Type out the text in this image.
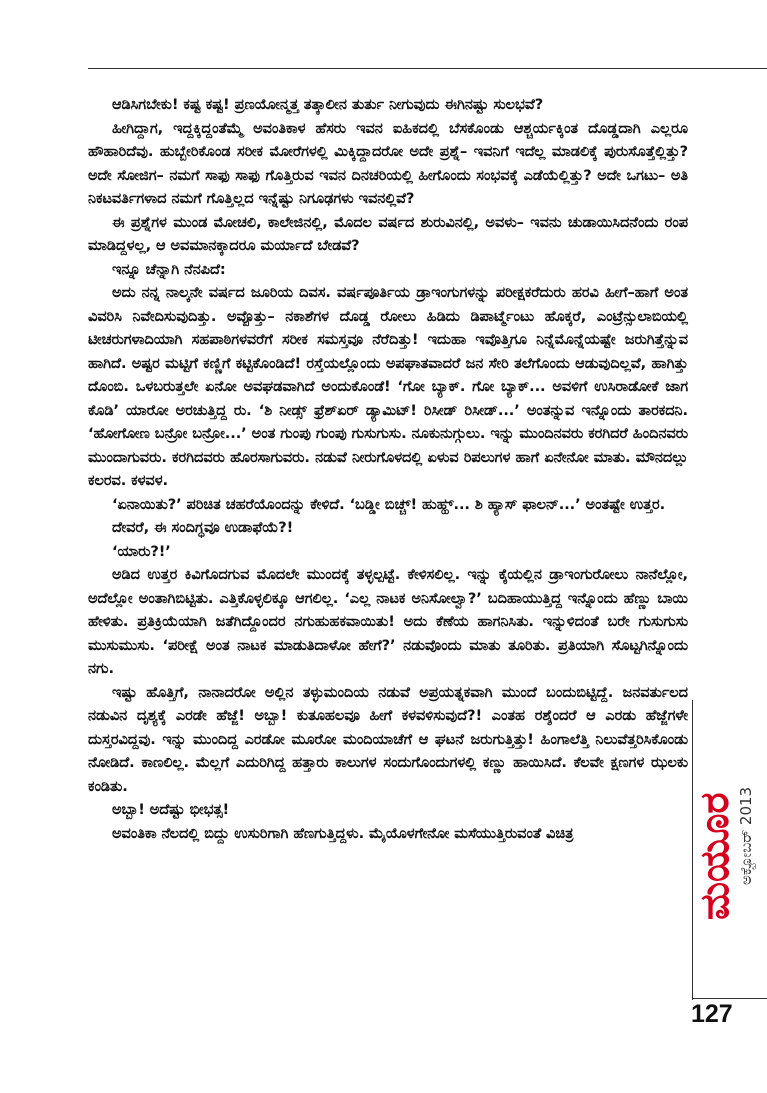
ಆಡಿಸಿಗಬೇಕು! ಕಷ್ಟ ಕಷ್ಟ! ಪ್ರಣಯೋನ್ಮತ್ತ ತತ್ಕಾಲೀನ ತುರ್ತು ನೀಗುವುದು ಈಗಿನಷ್ಟು ಸುಲಭವೆ?

ಹೀಗಿದ್ದಾಗ, ಇದ್ದಕ್ಕಿದ್ದಂತೆಮ್ಮೆ ಅವಂತಿಕಾಳ ಹೆಸರು ಇವನ ಐಹಿಕದಲ್ಲಿ ಬೆಸಕೊಂಡು ಆಶ್ಚರ್ಯಕ್ಕಿಂತ ದೊಡ್ಡದಾಗಿ ಎಲ್ಲರೂ ಹೌಹಾರಿದೆವು. ಹುಬ್ಬೇರಿಕೊಂಡ ಸರೀಕ ಮೋರೆಗಳಲ್ಲಿ ಮಿಕ್ಕಿದ್ದಾದರೋ ಅದೇ ಪ್ರಶ್ನೆ– ಇವನಿಗೆ ಇದೆಲ್ಲ ಮಾಡಲಿಕ್ಕೆ ಪುರುಸೊತ್ತೆಲ್ಲಿತ್ತು? ಅದೇ ಸೋಜಿಗ– ನಮಗೆ ಸಾಫು ಸಾಫು ಗೊತ್ತಿರುವ ಇವನ ದಿನಚರಿಯಲ್ಲಿ ಹೀಗೊಂದು ಸಂಭವಕ್ಕೆ ಎಡೆಯೆಲ್ಲಿತ್ತು? ಅದೇ ಒಗಟು– ಅತಿ ನಿಕಟವರ್ತಿಗಳಾದ ನಮಗೆ ಗೊತ್ತಿಲ್ಲದ ಇನ್ನೆಷ್ಟು ನಿಗೂಢಗಳು ಇವನಲ್ಲಿವೆ?

ಈ ಪ್ರಶ್ನೆಗಳ ಮುಂಡ ಮೋಚಲಿ, ಕಾಲೇಜಿನಲ್ಲಿ, ಮೊದಲ ವರ್ಷದ ಶುರುವಿನಲ್ಲಿ, ಅವಳು– ಇವನು ಚುಡಾಯಿಸಿದನೆಂದು ರಂಪ ಮಾಡಿದ್ದಳಲ್ಲ, ಆ ಅವಮಾನಕ್ಕಾದರೂ ಮರ್ಯಾದೆ ಬೇಡವೆ?

ಇನ್ನೂ ಚೆನ್ನಾಗಿ ನೆನಪಿದೆ:

ಅದು ನನ್ನ ನಾಲ್ಕನೇ ವರ್ಷದ ಜೂರಿಯ ದಿವಸ. ವರ್ಷಪೂರ್ತಿಯ ಡ್ರಾಇಂಗುಗಳನ್ನು ಪರೀಕ್ಷಕರೆದುರು ಹರವಿ ಹೀಗೆ–ಹಾಗೆ ಅಂತ ವಿವರಿಸಿ ನಿವೇದಿಸುವುದಿತ್ತು. ಅವ್ಪೊತ್ತು– ನಕಾಶೆಗಳ ದೊಡ್ಡ ರೋಲು ಹಿಡಿದು ಡಿಪಾರ್ಟ್ಮೆಂಟು ಹೊಕ್ಕರೆ, ಎಂಟ್ರೆನ್ಸುಲಾಬಿಯಲ್ಲಿ ಟೀಚರುಗಳಾದಿಯಾಗಿ ಸಹಪಾಠಿಗಳವರೆಗೆ ಸರೀಕ ಸಮಸ್ತವೂ ನೆರೆದಿತ್ತು! ಇದುಹಾ ಇವೊತ್ತಿಗೂ ನಿನ್ನೆಮೊನ್ನೆಯಷ್ಟೇ ಜರುಗಿತ್ತೆನ್ನುವ ಹಾಗಿದೆ. ಅಷ್ಟರ ಮಟ್ಟಿಗೆ ಕಣ್ಣಿಗೆ ಕಟ್ಟಿಕೊಂಡಿದೆ! ರಸ್ತೆಯಲ್ಲೊಂದು ಅಪಘಾತವಾದರೆ ಜನ ಸೇರಿ ತಲೆಗೊಂದು ಆಡುವುದಿಲ್ಲವೆ, ಹಾಗಿತ್ತು ದೊಂಬಿ. ಒಳಬರುತ್ತಲೇ ಏನೋ ಅವಘಡವಾಗಿದೆ ಅಂದುಕೊಂಡೆ! ‘ಗೋ ಬ್ಯಾಕ್. ಗೋ ಬ್ಯಾಕ್... ಅವಳಿಗೆ ಉಸಿರಾಡೋಕೆ ಜಾಗ ಕೊಡಿ’ ಯಾರೋ ಅರಚುತ್ತಿದ್ದ ರು. ‘ಶಿ ನೀಡ್ಸ್ ಫ್ರೆಶ್ಏರ್ ಡ್ಯಾಮಿಟ್! ರಿಸೀಡ್ ರಿಸೀಡ್...’ ಅಂತನ್ನುವ ಇನ್ನೊಂದು ತಾರಕದನಿ. ‘ಹೋಗೋಣ ಬನ್ರೋ ಬನ್ರೋ...’ ಅಂತ ಗುಂಪು ಗುಂಪು ಗುಸುಗುಸು. ನೂಕುನುಗ್ಗುಲು. ಇನ್ನು ಮುಂದಿನವರು ಕರಗಿದರೆ ಹಿಂದಿನವರು ಮುಂದಾಗುವರು. ಕರಗಿದವರು ಹೊರಸಾಗುವರು. ನಡುವೆ ನೀರುಗೊಳದಲ್ಲಿ ಏಳುವ ರಿಪಲುಗಳ ಹಾಗೆ ಏನೇನೋ ಮಾತು. ಮೌನದಲ್ಲು ಕಲರವ. ಕಳವಳ.

‘ಏನಾಯಿತು?’ ಪರಿಚಿತ ಚಹರೆಯೊಂದನ್ನು ಕೇಳಿದೆ. ‘ಬಡ್ಡೀ ಬಿಚ್ಚ್! ಹುಹ್ಹ್... ಶಿ ಹ್ಯಾಸ್ ಫಾಲನ್...’ ಅಂತಷ್ಟೇ ಉತ್ತರ.

ದೇವರೆ, ಈ ಸಂದಿಗ್ಧವೂ ಉಡಾಫೆಯೆ?!

‘ಯಾರು?!’

ಅಡಿದ ಉತ್ತರ ಕಿವಿಗೊದಗುವ ಮೊದಲೇ ಮುಂದಕ್ಕೆ ತಳ್ಳಲ್ಪಟ್ಟೆ. ಕೇಳಿಸಲಿಲ್ಲ. ಇನ್ನು ಕೈಯಲ್ಲಿನ ಡ್ರಾಇಂಗುರೋಲು ನಾನೆಲ್ಲೋ, ಅದೆಲ್ಲೋ ಅಂತಾಗಿಬಿಟ್ಟಿತು. ಎತ್ತಿಕೊಳ್ಳಲಿಕ್ಕೂ ಆಗಲಿಲ್ಲ. ‘ಎಲ್ಲ ನಾಟಕ ಅನಿಸೋಲ್ವಾ?’ ಬದಿಹಾಯುತ್ತಿದ್ದ ಇನ್ನೊಂದು ಹೆಣ್ಣು ಬಾಯಿ ಹೇಳಿತು. ಪ್ರತಿಕ್ರಿಯೆಯಾಗಿ ಜತೆಗಿದ್ದೊಂದರ ನಗುಹುಹಕವಾಯಿತು! ಅದು ಕೆಣೆಯ ಹಾಗನಿಸಿತು. ಇನ್ನುಳಿದಂತೆ ಬರೇ ಗುಸುಗುಸು ಮುಸುಮುಸು. ‘ಪರೀಕ್ಷೆ ಅಂತ ನಾಟಕ ಮಾಡುತಿದಾಳೋ ಹೇಗೆ?’ ನಡುವೊಂದು ಮಾತು ತೂರಿತು. ಪ್ರತಿಯಾಗಿ ಸೊಟ್ಟಗಿನ್ನೊಂದು ನಗು.

ಇಷ್ಟು ಹೊತ್ತಿಗೆ, ನಾನಾದರೋ ಅಲ್ಲಿನ ತಳ್ಳುಮಂದಿಯ ನಡುವೆ ಅಪ್ರಯತ್ನಕವಾಗಿ ಮುಂದೆ ಬಂದುಬಿಟ್ಟಿದ್ದೆ. ಜನವರ್ತುಲದ ನಡುವಿನ ದೃಶ್ಯಕ್ಕೆ ಎರಡೇ ಹೆಜ್ಜೆ! ಅಬ್ಬಾ! ಕುತೂಹಲವೂ ಹೀಗೆ ಕಳವಳಿಸುವುದೆ?! ಎಂತಹ ರಶ್ಶೆಂದರೆ ಆ ಎರಡು ಹೆಜ್ಜೆಗಳೇ ದುಸ್ತರವಿದ್ದವು. ಇನ್ನು ಮುಂದಿದ್ದ ಎರಡೋ ಮೂರೋ ಮಂದಿಯಾಚೆಗೆ ಆ ಘಟನೆ ಜರುಗುತ್ತಿತ್ತು! ಹಿಂಗಾಲೆತ್ತಿ ನಿಲುವೆತ್ತರಿಸಿಕೊಂಡು ನೋಡಿದೆ. ಕಾಣಲಿಲ್ಲ. ಮೆಲ್ಲಗೆ ಎದುರಿಗಿದ್ದ ಹತ್ತಾರು ಕಾಲುಗಳ ಸಂದುಗೊಂದುಗಳಲ್ಲಿ ಕಣ್ಣು ಹಾಯಿಸಿದೆ. ಕೆಲವೇ ಕ್ಷಣಗಳ ಝಲಕು ಕಂಡಿತು.

ಅಬ್ಬಾ! ಅದೆಷ್ಟು ಭೀಭತ್ಸ!

ಅವಂತಿಕಾ ನೆಲದಲ್ಲಿ ಬಿದ್ದು ಉಸುರಿಗಾಗಿ ಹೆಣಗುತ್ತಿದ್ದಳು. ಮೈಯೊಳಗೇನೋ ಮಸೆಯುತ್ತಿರುವಂತೆ ವಿಚಿತ್ರ	ಮಯೂರ ಅಕ್ಟೋಬರ್ 2013
127
